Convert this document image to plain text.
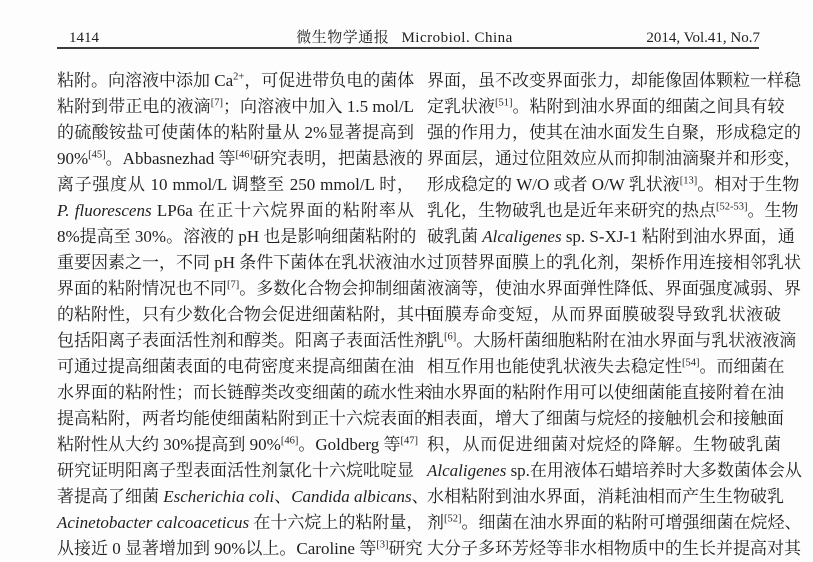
1414	微生物学通报 Microbiol. China	2014, Vol.41, No.7
粘附。向溶液中添加 $Ca^{2+}$，可促进带负电的菌体
粘附到带正电的液滴[7]；向溶液中加入 1.5 mol/L
的硫酸铵盐可使菌体的粘附量从 2%显著提高到
90%[45]。Abbasnezhad 等[46]研究表明，把菌悬液的
离子强度从 10 mmol/L 调整至 250 mmol/L 时，
P. fluorescens LP6a 在正十六烷界面的粘附率从
8%提高至 30%。溶液的 pH 也是影响细菌粘附的
重要因素之一，不同 pH 条件下菌体在乳状液油水
界面的粘附情况也不同[7]。多数化合物会抑制细菌
的粘附性，只有少数化合物会促进细菌粘附，其中
包括阳离子表面活性剂和醇类。阳离子表面活性剂
可通过提高细菌表面的电荷密度来提高细菌在油
水界面的粘附性；而长链醇类改变细菌的疏水性来
提高粘附，两者均能使细菌粘附到正十六烷表面的
粘附性从大约 30%提高到 90%[46]。Goldberg 等[47]
研究证明阳离子型表面活性剂氯化十六烷吡啶显
著提高了细菌 Escherichia coli、Candida albicans、
Acinetobacter calcoaceticus 在十六烷上的粘附量，
从接近 0 显著增加到 90%以上。Caroline 等[3]研究
界面，虽不改变界面张力，却能像固体颗粒一样稳
定乳状液[51]。粘附到油水界面的细菌之间具有较
强的作用力，使其在油水面发生自聚，形成稳定的
界面层，通过位阻效应从而抑制油滴聚并和形变，
形成稳定的 W/O 或者 O/W 乳状液[13]。相对于生物
乳化，生物破乳也是近年来研究的热点[52-53]。生物
破乳菌 Alcaligenes sp. S-XJ-1 粘附到油水界面，通
过顶替界面膜上的乳化剂，架桥作用连接相邻乳状
液滴等，使油水界面弹性降低、界面强度减弱、界
面膜寿命变短，从而界面膜破裂导致乳状液破
乳[6]。大肠杆菌细胞粘附在油水界面与乳状液液滴
相互作用也能使乳状液失去稳定性[54]。而细菌在
油水界面的粘附作用可以使细菌能直接附着在油
相表面，增大了细菌与烷烃的接触机会和接触面
积，从而促进细菌对烷烃的降解。生物破乳菌
Alcaligenes sp.在用液体石蜡培养时大多数菌体会从
水相粘附到油水界面，消耗油相而产生生物破乳
剂[52]。细菌在油水界面的粘附可增强细菌在烷烃、
大分子多环芳烃等非水相物质中的生长并提高对其
